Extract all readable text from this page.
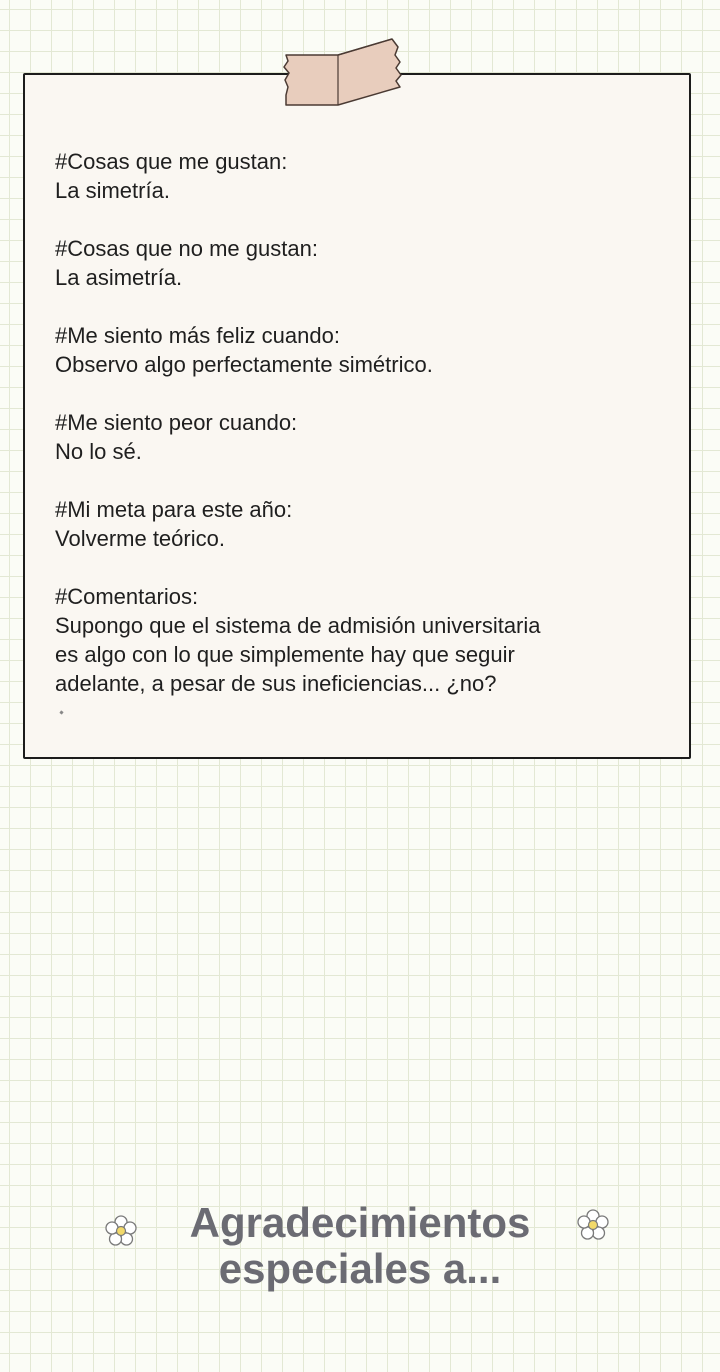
#Cosas que me gustan:
La simetría.
#Cosas que no me gustan:
La asimetría.
#Me siento más feliz cuando:
Observo algo perfectamente simétrico.
#Me siento peor cuando:
No lo sé.
#Mi meta para este año:
Volverme teórico.
#Comentarios:
Supongo que el sistema de admisión universitaria
es algo con lo que simplemente hay que seguir
adelante, a pesar de sus ineficiencias... ¿no?
Agradecimientos
especiales a...
